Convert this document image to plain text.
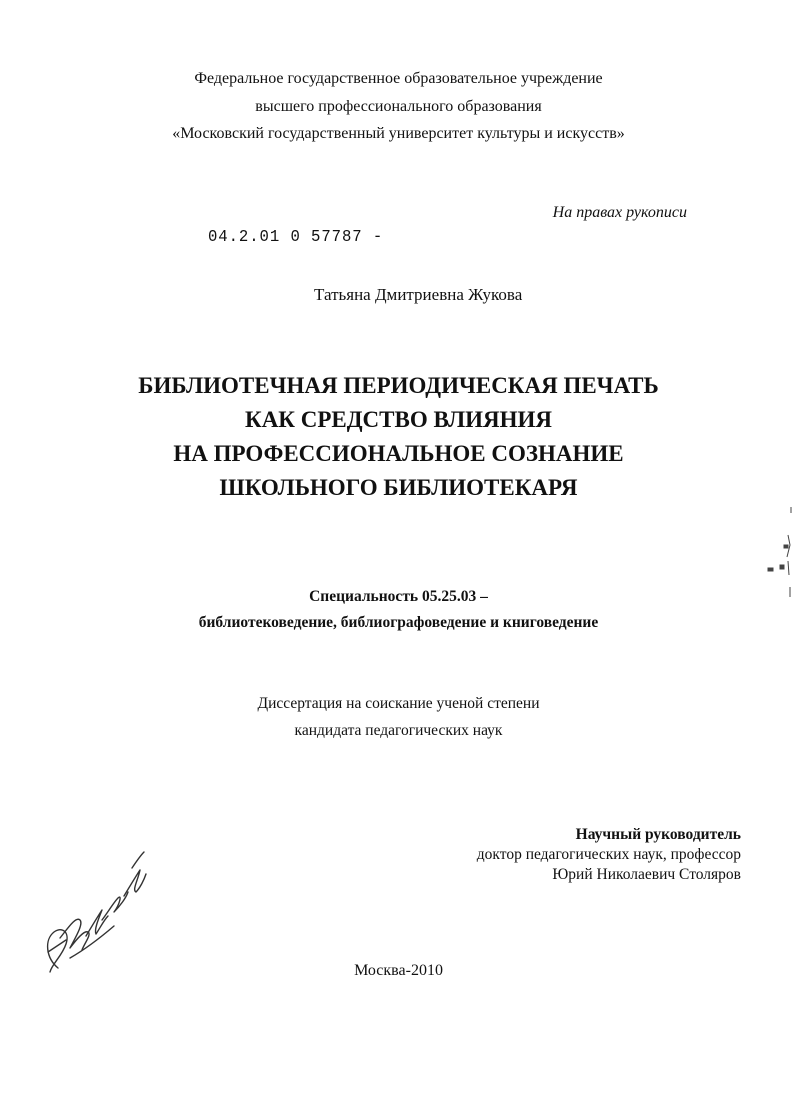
Федеральное государственное образовательное учреждение
высшего профессионального образования
«Московский государственный университет культуры и искусств»
На правах рукописи
04.2.01 0 57787 -
Татьяна Дмитриевна Жукова
БИБЛИОТЕЧНАЯ ПЕРИОДИЧЕСКАЯ ПЕЧАТЬ
КАК СРЕДСТВО ВЛИЯНИЯ
НА ПРОФЕССИОНАЛЬНОЕ СОЗНАНИЕ
ШКОЛЬНОГО БИБЛИОТЕКАРЯ
Специальность 05.25.03 –
библиотековедение, библиографоведение и книговедение
Диссертация на соискание ученой степени
кандидата педагогических наук
Научный руководитель
доктор педагогических наук, профессор
Юрий Николаевич Столяров
Москва-2010
